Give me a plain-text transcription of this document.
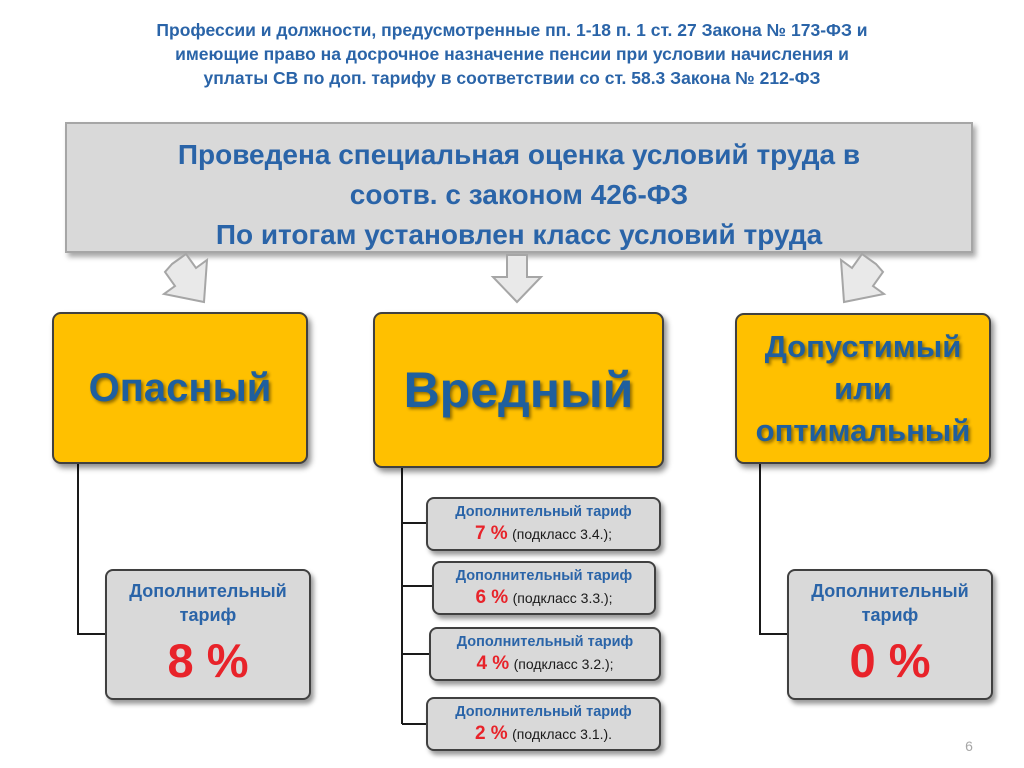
Профессии и должности, предусмотренные пп. 1-18 п. 1 ст. 27 Закона № 173-ФЗ и
имеющие право на досрочное назначение пенсии при условии начисления и
уплаты СВ по доп. тарифу в соответствии со ст. 58.3 Закона № 212-ФЗ
Проведена специальная оценка условий труда в
соотв. с законом 426-ФЗ
По итогам установлен класс условий труда
Опасный	Вредный
Допустимый
или
оптимальный
Дополнительный
тариф
8 %
Дополнительный тариф
7 % (подкласс 3.4.);
Дополнительный тариф
6 % (подкласс 3.3.);
Дополнительный тариф
4 % (подкласс 3.2.);
Дополнительный тариф
2 % (подкласс 3.1.).
Дополнительный
тариф
0 %
6
